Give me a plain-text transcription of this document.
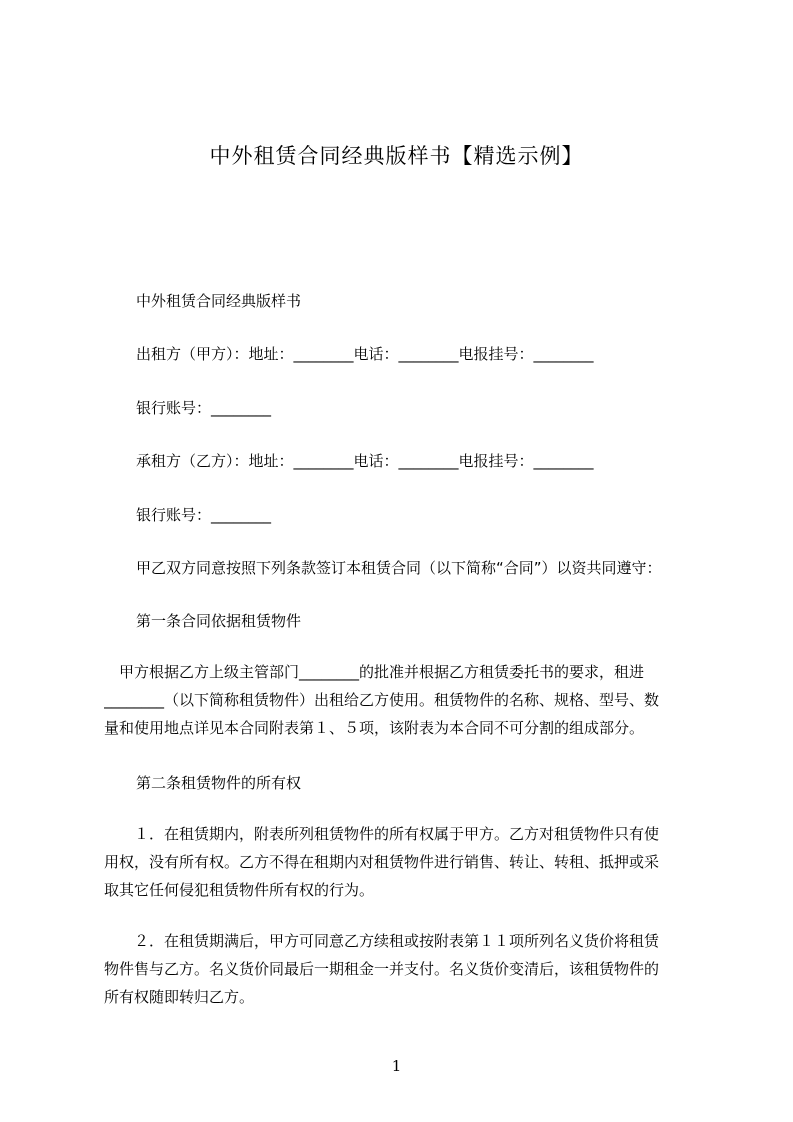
中外租赁合同经典版样书【精选示例】
中外租赁合同经典版样书
出租方（甲方）：地址：________电话：________电报挂号：________
银行账号：________
承租方（乙方）：地址：________电话：________电报挂号：________
银行账号：________
甲乙双方同意按照下列条款签订本租赁合同（以下简称“合同”）以资共同遵守：
第一条合同依据租赁物件
　甲方根据乙方上级主管部门________的批准并根据乙方租赁委托书的要求，租进
________（以下简称租赁物件）出租给乙方使用。租赁物件的名称、规格、型号、数
量和使用地点详见本合同附表第１、５项，该附表为本合同不可分割的组成部分。
第二条租赁物件的所有权
　　１．在租赁期内，附表所列租赁物件的所有权属于甲方。乙方对租赁物件只有使
用权，没有所有权。乙方不得在租期内对租赁物件进行销售、转让、转租、抵押或采
取其它任何侵犯租赁物件所有权的行为。
　　２．在租赁期满后，甲方可同意乙方续租或按附表第１１项所列名义货价将租赁
物件售与乙方。名义货价同最后一期租金一并支付。名义货价变清后，该租赁物件的
所有权随即转归乙方。
1
